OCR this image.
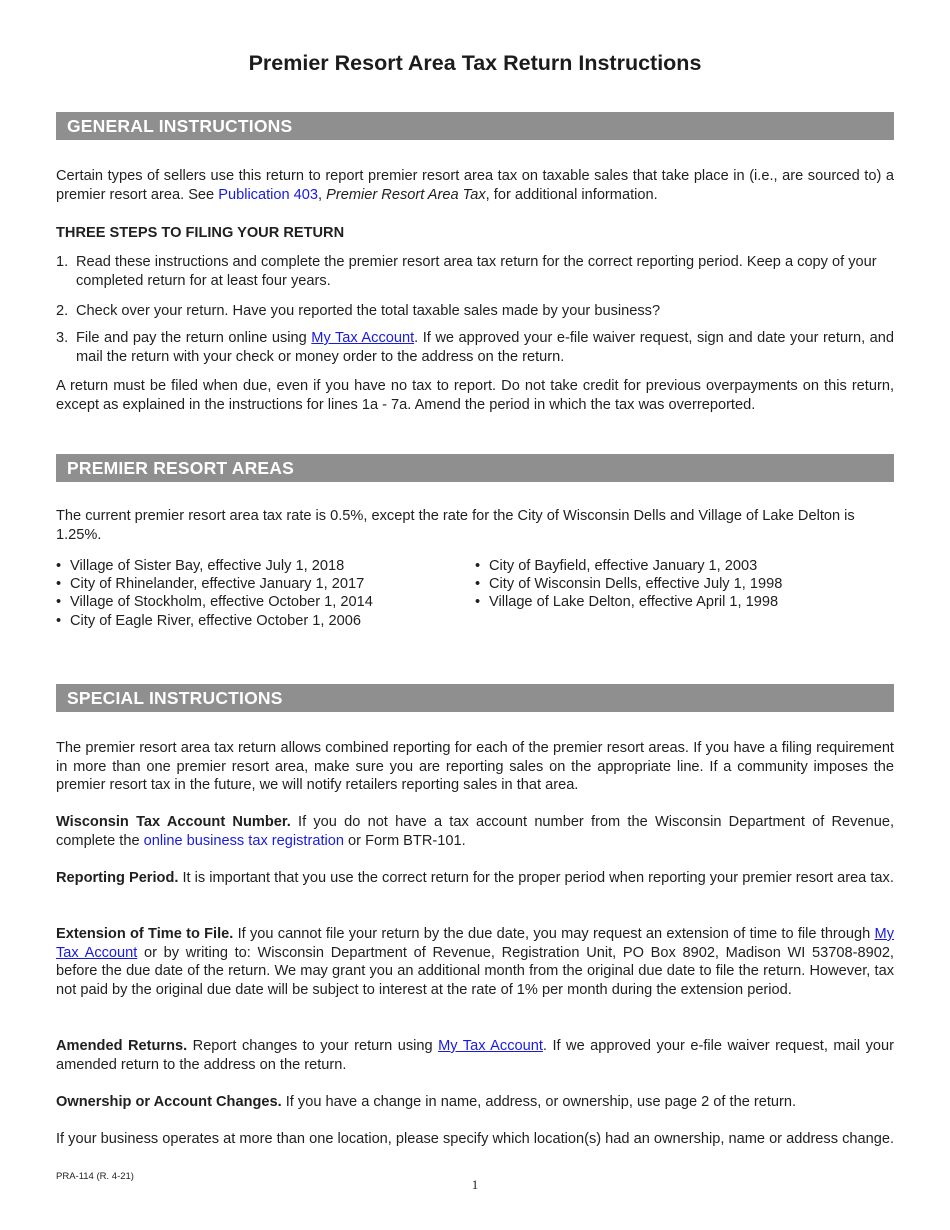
Premier Resort Area Tax Return Instructions
GENERAL INSTRUCTIONS
Certain types of sellers use this return to report premier resort area tax on taxable sales that take place in (i.e., are sourced to) a premier resort area. See Publication 403, Premier Resort Area Tax, for additional information.
THREE STEPS TO FILING YOUR RETURN
1. Read these instructions and complete the premier resort area tax return for the correct reporting period. Keep a copy of your completed return for at least four years.
2. Check over your return. Have you reported the total taxable sales made by your business?
3. File and pay the return online using My Tax Account. If we approved your e-file waiver request, sign and date your return, and mail the return with your check or money order to the address on the return.
A return must be filed when due, even if you have no tax to report. Do not take credit for previous overpayments on this return, except as explained in the instructions for lines 1a - 7a. Amend the period in which the tax was overreported.
PREMIER RESORT AREAS
The current premier resort area tax rate is 0.5%, except the rate for the City of Wisconsin Dells and Village of Lake Delton is 1.25%.
• Village of Sister Bay, effective July 1, 2018
• City of Rhinelander, effective January 1, 2017
• Village of Stockholm, effective October 1, 2014
• City of Eagle River, effective October 1, 2006
• City of Bayfield, effective January 1, 2003
• City of Wisconsin Dells, effective July 1, 1998
• Village of Lake Delton, effective April 1, 1998
SPECIAL INSTRUCTIONS
The premier resort area tax return allows combined reporting for each of the premier resort areas. If you have a filing requirement in more than one premier resort area, make sure you are reporting sales on the appropriate line. If a community imposes the premier resort tax in the future, we will notify retailers reporting sales in that area.
Wisconsin Tax Account Number. If you do not have a tax account number from the Wisconsin Department of Revenue, complete the online business tax registration or Form BTR-101.
Reporting Period. It is important that you use the correct return for the proper period when reporting your premier resort area tax.
Extension of Time to File. If you cannot file your return by the due date, you may request an extension of time to file through My Tax Account or by writing to: Wisconsin Department of Revenue, Registration Unit, PO Box 8902, Madison WI 53708-8902, before the due date of the return. We may grant you an additional month from the original due date to file the return. However, tax not paid by the original due date will be subject to interest at the rate of 1% per month during the extension period.
Amended Returns. Report changes to your return using My Tax Account. If we approved your e-file waiver request, mail your amended return to the address on the return.
Ownership or Account Changes. If you have a change in name, address, or ownership, use page 2 of the return.
If your business operates at more than one location, please specify which location(s) had an ownership, name or address change.
PRA-114 (R. 4-21)
1
